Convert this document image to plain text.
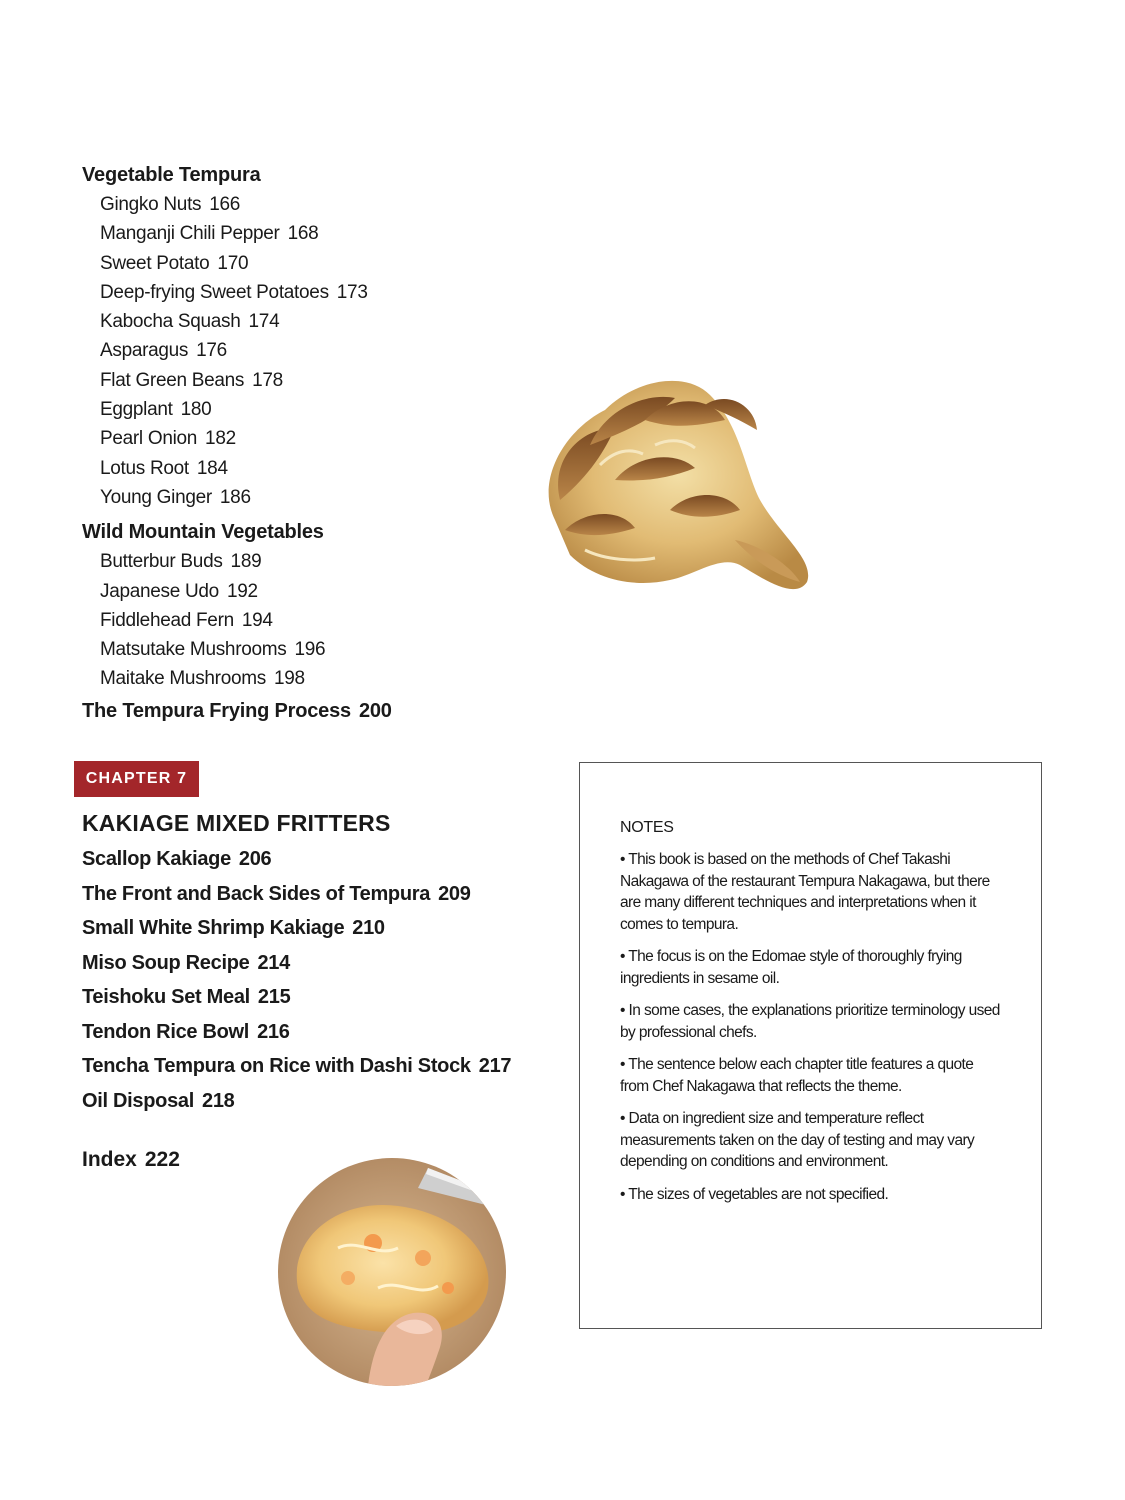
Vegetable Tempura
Gingko Nuts 166
Manganji Chili Pepper 168
Sweet Potato 170
Deep-frying Sweet Potatoes 173
Kabocha Squash 174
Asparagus 176
Flat Green Beans 178
Eggplant 180
Pearl Onion 182
Lotus Root 184
Young Ginger 186
Wild Mountain Vegetables
Butterbur Buds 189
Japanese Udo 192
Fiddlehead Fern 194
Matsutake Mushrooms 196
Maitake Mushrooms 198
The Tempura Frying Process 200
CHAPTER 7
KAKIAGE MIXED FRITTERS
Scallop Kakiage 206
The Front and Back Sides of Tempura 209
Small White Shrimp Kakiage 210
Miso Soup Recipe 214
Teishoku Set Meal 215
Tendon Rice Bowl 216
Tencha Tempura on Rice with Dashi Stock 217
Oil Disposal 218
Index 222

NOTES

• This book is based on the methods of Chef Takashi Nakagawa of the restaurant Tempura Nakagawa, but there are many different techniques and interpretations when it comes to tempura.
• The focus is on the Edomae style of thoroughly frying ingredients in sesame oil.
• In some cases, the explanations prioritize terminology used by professional chefs.
• The sentence below each chapter title features a quote from Chef Nakagawa that reflects the theme.
• Data on ingredient size and temperature reflect measurements taken on the day of testing and may vary depending on conditions and environment.
• The sizes of vegetables are not specified.
